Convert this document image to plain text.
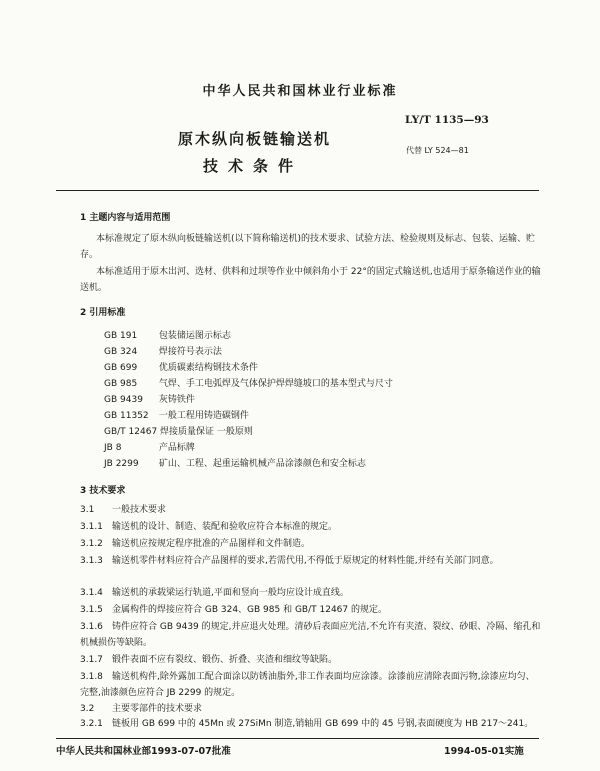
中华人民共和国林业行业标准
LY/T 1135—93
原木纵向板链输送机
技术条件
代替 LY 524—81
1 主题内容与适用范围
本标准规定了原木纵向板链输送机(以下简称输送机)的技术要求、试验方法、检验规则及标志、包装、运输、贮存。
本标准适用于原木出河、选材、供料和过坝等作业中倾斜角小于 22°的固定式输送机,也适用于原条输送作业的输送机。
2 引用标准
GB 191 包装储运图示标志
GB 324 焊接符号表示法
GB 699 优质碳素结构钢技术条件
GB 985 气焊、手工电弧焊及气体保护焊焊缝坡口的基本型式与尺寸
GB 9439 灰铸铁件
GB 11352 一般工程用铸造碳钢件
GB/T 12467 焊接质量保证 一般原则
JB 8	产品标牌
JB 2299 矿山、工程、起重运输机械产品涂漆颜色和安全标志
3 技术要求
3.1 一般技术要求
3.1.1 输送机的设计、制造、装配和验收应符合本标准的规定。
3.1.2 输送机应按规定程序批准的产品图样和文件制造。
3.1.3 输送机零件材料应符合产品图样的要求,若需代用,不得低于原规定的材料性能,并经有关部门同意。
3.1.4 输送机的承载梁运行轨道,平面和竖向一般均应设计成直线。
3.1.5 金属构件的焊接应符合 GB 324、GB 985 和 GB/T 12467 的规定。
3.1.6 铸件应符合 GB 9439 的规定,并应退火处理。清砂后表面应光洁,不允许有夹渣、裂纹、砂眼、冷隔、缩孔和机械损伤等缺陷。
3.1.7 锻件表面不应有裂纹、锻伤、折叠、夹渣和细纹等缺陷。
3.1.8 输送机构件,除外露加工配合面涂以防锈油脂外,非工作表面均应涂漆。涂漆前应清除表面污物,涂漆应均匀、完整,油漆颜色应符合 JB 2299 的规定。
3.2 主要零部件的技术要求
3.2.1 链板用 GB 699 中的 45Mn 或 27SiMn 制造,销轴用 GB 699 中的 45 号钢,表面硬度为 HB 217～241。
中华人民共和国林业部1993-07-07批准	1994-05-01实施
